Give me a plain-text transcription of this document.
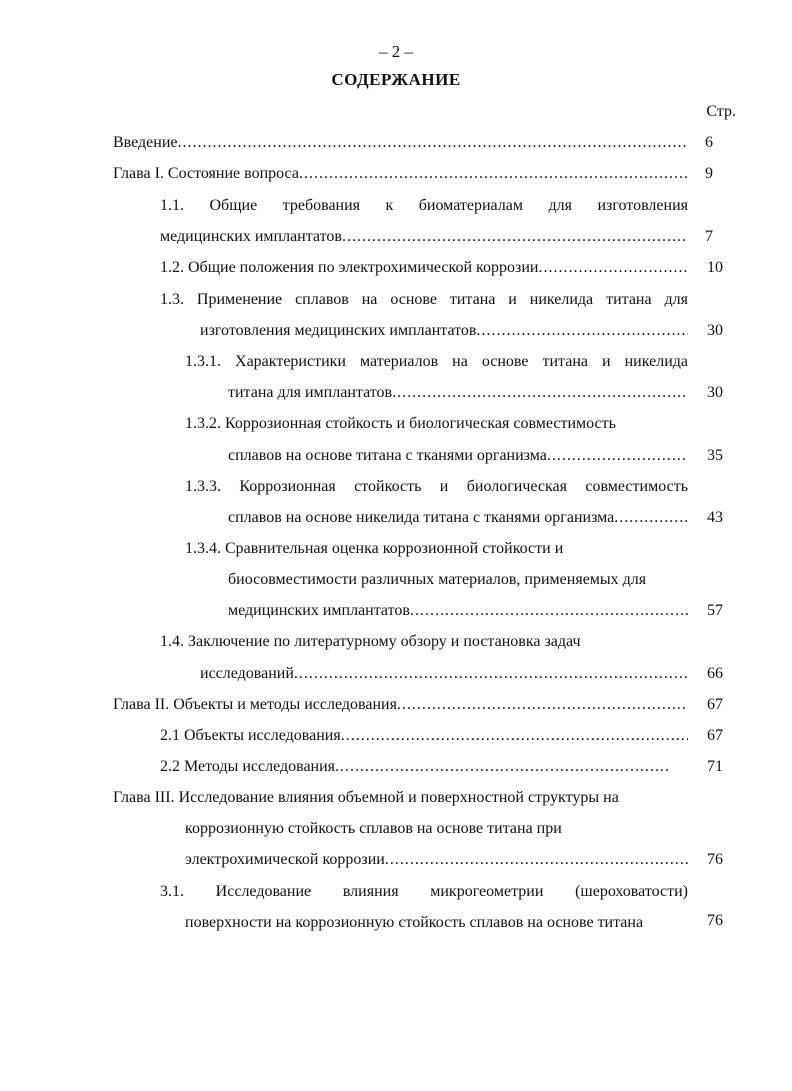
– 2 –
СОДЕРЖАНИЕ
Стр.
Введение .....	6
Глава I. Состояние вопроса .....	9
1.1. Общие требования к биоматериалам для изготовления
медицинских имплантатов .....	7
1.2. Общие положения по электрохимической коррозии .....	10
1.3. Применение сплавов на основе титана и никелида титана для
изготовления медицинских имплантатов .....	30
1.3.1. Характеристики материалов на основе титана и никелида
титана для имплантатов .....	30
1.3.2. Коррозионная стойкость и биологическая совместимость
сплавов на основе титана с тканями организма .....	35
1.3.3. Коррозионная стойкость и биологическая совместимость
сплавов на основе никелида титана с тканями организма .....	43
1.3.4. Сравнительная оценка коррозионной стойкости и
биосовместимости различных материалов, применяемых для
медицинских имплантатов .....	57
1.4. Заключение по литературному обзору и постановка задач
исследований .....	66
Глава II. Объекты и методы исследования .....	67
2.1 Объекты исследования .....	67
2.2 Методы исследования .....	71
Глава III. Исследование влияния объемной и поверхностной структуры на
коррозионную стойкость сплавов на основе титана при
электрохимической коррозии .....	76
3.1. Исследование влияния микрогеометрии (шероховатости)
поверхности на коррозионную стойкость сплавов на основе титана	76
